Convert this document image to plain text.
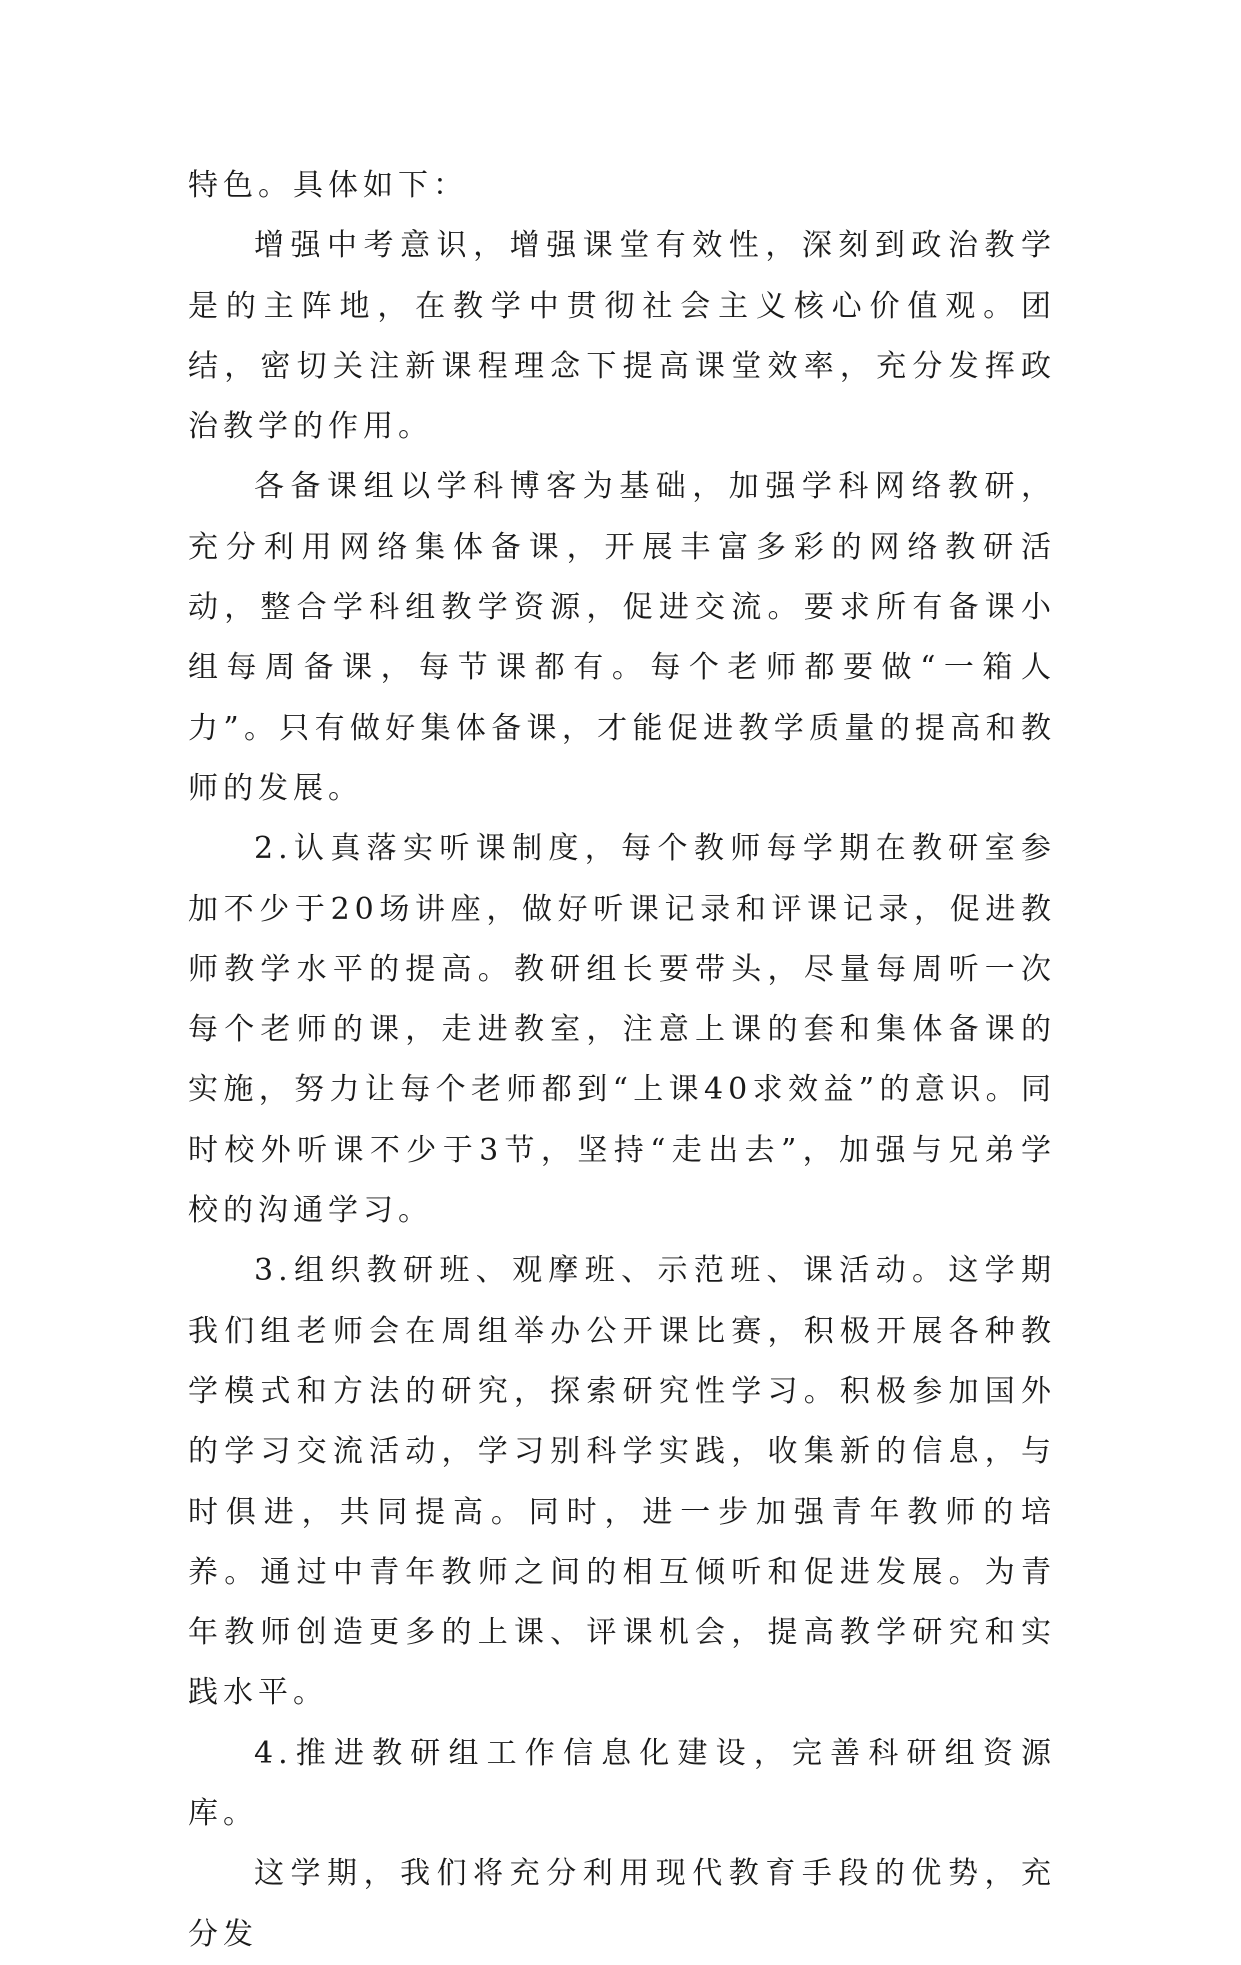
特色。具体如下：

增强中考意识，增强课堂有效性，深刻到政治教学是的主阵地，在教学中贯彻社会主义核心价值观。团结，密切关注新课程理念下提高课堂效率，充分发挥政治教学的作用。

各备课组以学科博客为基础，加强学科网络教研，充分利用网络集体备课，开展丰富多彩的网络教研活动，整合学科组教学资源，促进交流。要求所有备课小组每周备课，每节课都有。每个老师都要做“一箱人力”。只有做好集体备课，才能促进教学质量的提高和教师的发展。

2.认真落实听课制度，每个教师每学期在教研室参加不少于20场讲座，做好听课记录和评课记录，促进教师教学水平的提高。教研组长要带头，尽量每周听一次每个老师的课，走进教室，注意上课的套和集体备课的实施，努力让每个老师都到“上课40求效益”的意识。同时校外听课不少于3节，坚持“走出去”，加强与兄弟学校的沟通学习。

3.组织教研班、观摩班、示范班、课活动。这学期我们组老师会在周组举办公开课比赛，积极开展各种教学模式和方法的研究，探索研究性学习。积极参加国外的学习交流活动，学习别科学实践，收集新的信息，与时俱进，共同提高。同时，进一步加强青年教师的培养。通过中青年教师之间的相互倾听和促进发展。为青年教师创造更多的上课、评课机会，提高教学研究和实践水平。

4.推进教研组工作信息化建设，完善科研组资源库。

这学期，我们将充分利用现代教育手段的优势，充分发
